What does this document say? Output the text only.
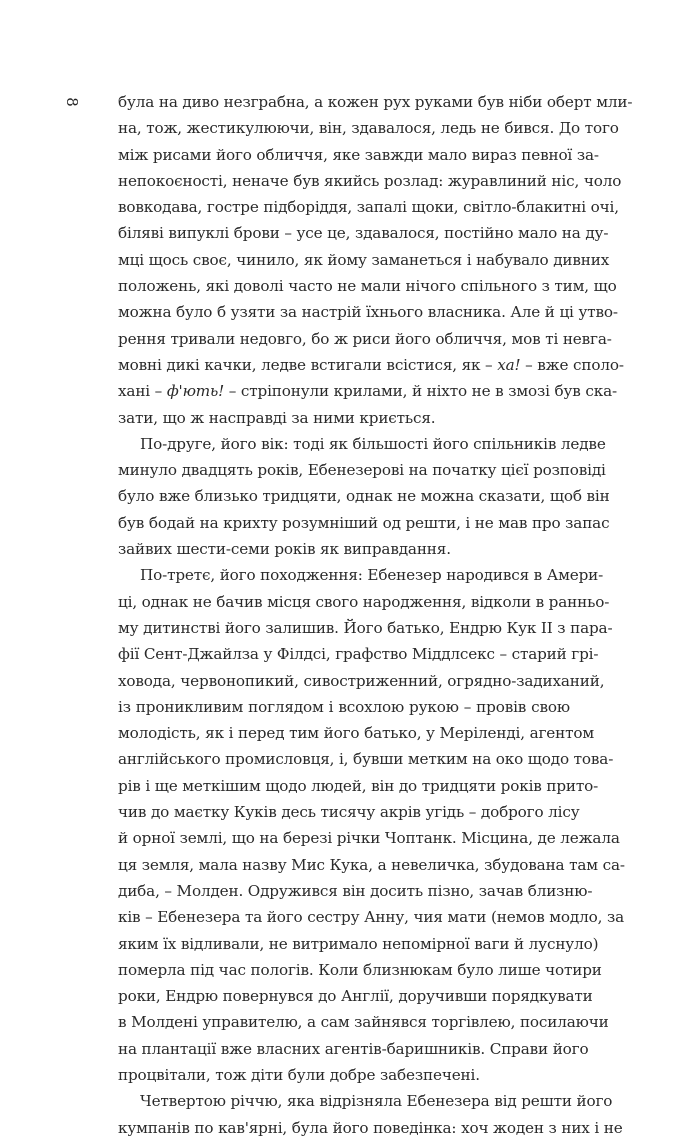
8 була на диво незграбна, а кожен рух руками був ніби оберт мли-
на, тож, жестикулюючи, він, здавалося, ледь не бився. До того
між рисами його обличчя, яке завжди мало вираз певної за-
непокоєності, неначе був якийсь розлад: журавлиний ніс, чоло
вовкодава, гостре підборіддя, запалі щоки, світло-блакитні очі,
біляві випуклі брови – усе це, здавалося, постійно мало на ду-
мці щось своє, чинило, як йому заманеться і набувало дивних
положень, які доволі часто не мали нічого спільного з тим, що
можна було б узяти за настрій їхнього власника. Але й ці утво-
рення тривали недовго, бо ж риси його обличчя, мов ті невга-
мовні дикі качки, ледве встигали всістися, як – ха! – вже споло-
хані – ф'ють! – стріпонули крилами, й ніхто не в змозі був ска-
зати, що ж насправді за ними криється.
По-друге, його вік: тоді як більшості його спільників ледве
минуло двадцять років, Ебенезерові на початку цієї розповіді
було вже близько тридцяти, однак не можна сказати, щоб він
був бодай на крихту розумніший од решти, і не мав про запас
зайвих шести-семи років як виправдання.
По-третє, його походження: Ебенезер народився в Амери-
ці, однак не бачив місця свого народження, відколи в ранньо-
му дитинстві його залишив. Його батько, Ендрю Кук II з пара-
фії Сент-Джайлза у Філдсі, графство Міддлсекс – старий грі-
ховода, червонопикий, сивостриженний, огрядно-задиханий,
із проникливим поглядом і всохлою рукою – провів свою
молодість, як і перед тим його батько, у Меріленді, агентом
англійського промисловця, і, бувши метким на око щодо това-
рів і ще меткішим щодо людей, він до тридцяти років прито-
чив до маєтку Куків десь тисячу акрів угідь – доброго лісу
й орної землі, що на березі річки Чоптанк. Місцина, де лежала
ця земля, мала назву Мис Кука, а невеличка, збудована там са-
диба, – Молден. Одружився він досить пізно, зачав близню-
ків – Ебенезера та його сестру Анну, чия мати (немов модло, за
яким їх відливали, не витримало непомірної ваги й луснуло)
померла під час пологів. Коли близнюкам було лише чотири
роки, Ендрю повернувся до Англії, доручивши порядкувати
в Молдені управителю, а сам зайнявся торгівлею, посилаючи
на плантації вже власних агентів-баришників. Справи його
процвітали, тож діти були добре забезпечені.
Четвертою річчю, яка відрізняла Ебенезера від решти його
кумпанів по кав'ярні, була його поведінка: хоч жоден з них і не
